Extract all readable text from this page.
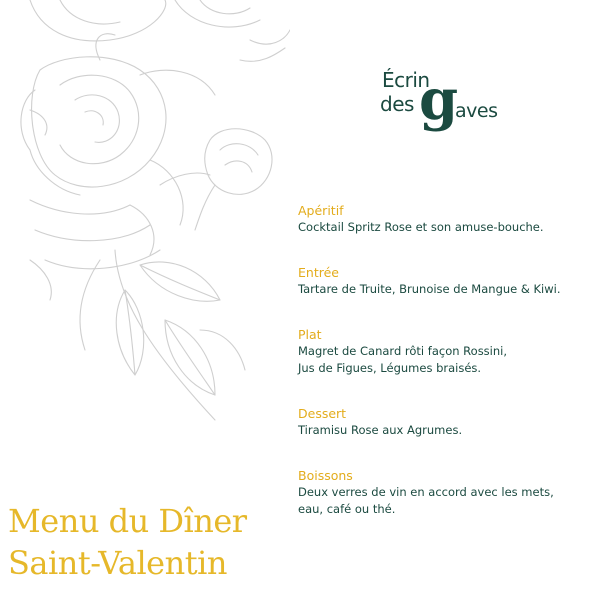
Écrin
des g
aves
Apéritif
Cocktail Spritz Rose et son amuse-bouche.
Entrée
Tartare de Truite, Brunoise de Mangue & Kiwi.
Plat
Magret de Canard rôti façon Rossini,
Jus de Figues, Légumes braisés.
Dessert
Tiramisu Rose aux Agrumes.
Boissons
Deux verres de vin en accord avec les mets,
eau, café ou thé.
Menu du Dîner
Saint-Valentin
